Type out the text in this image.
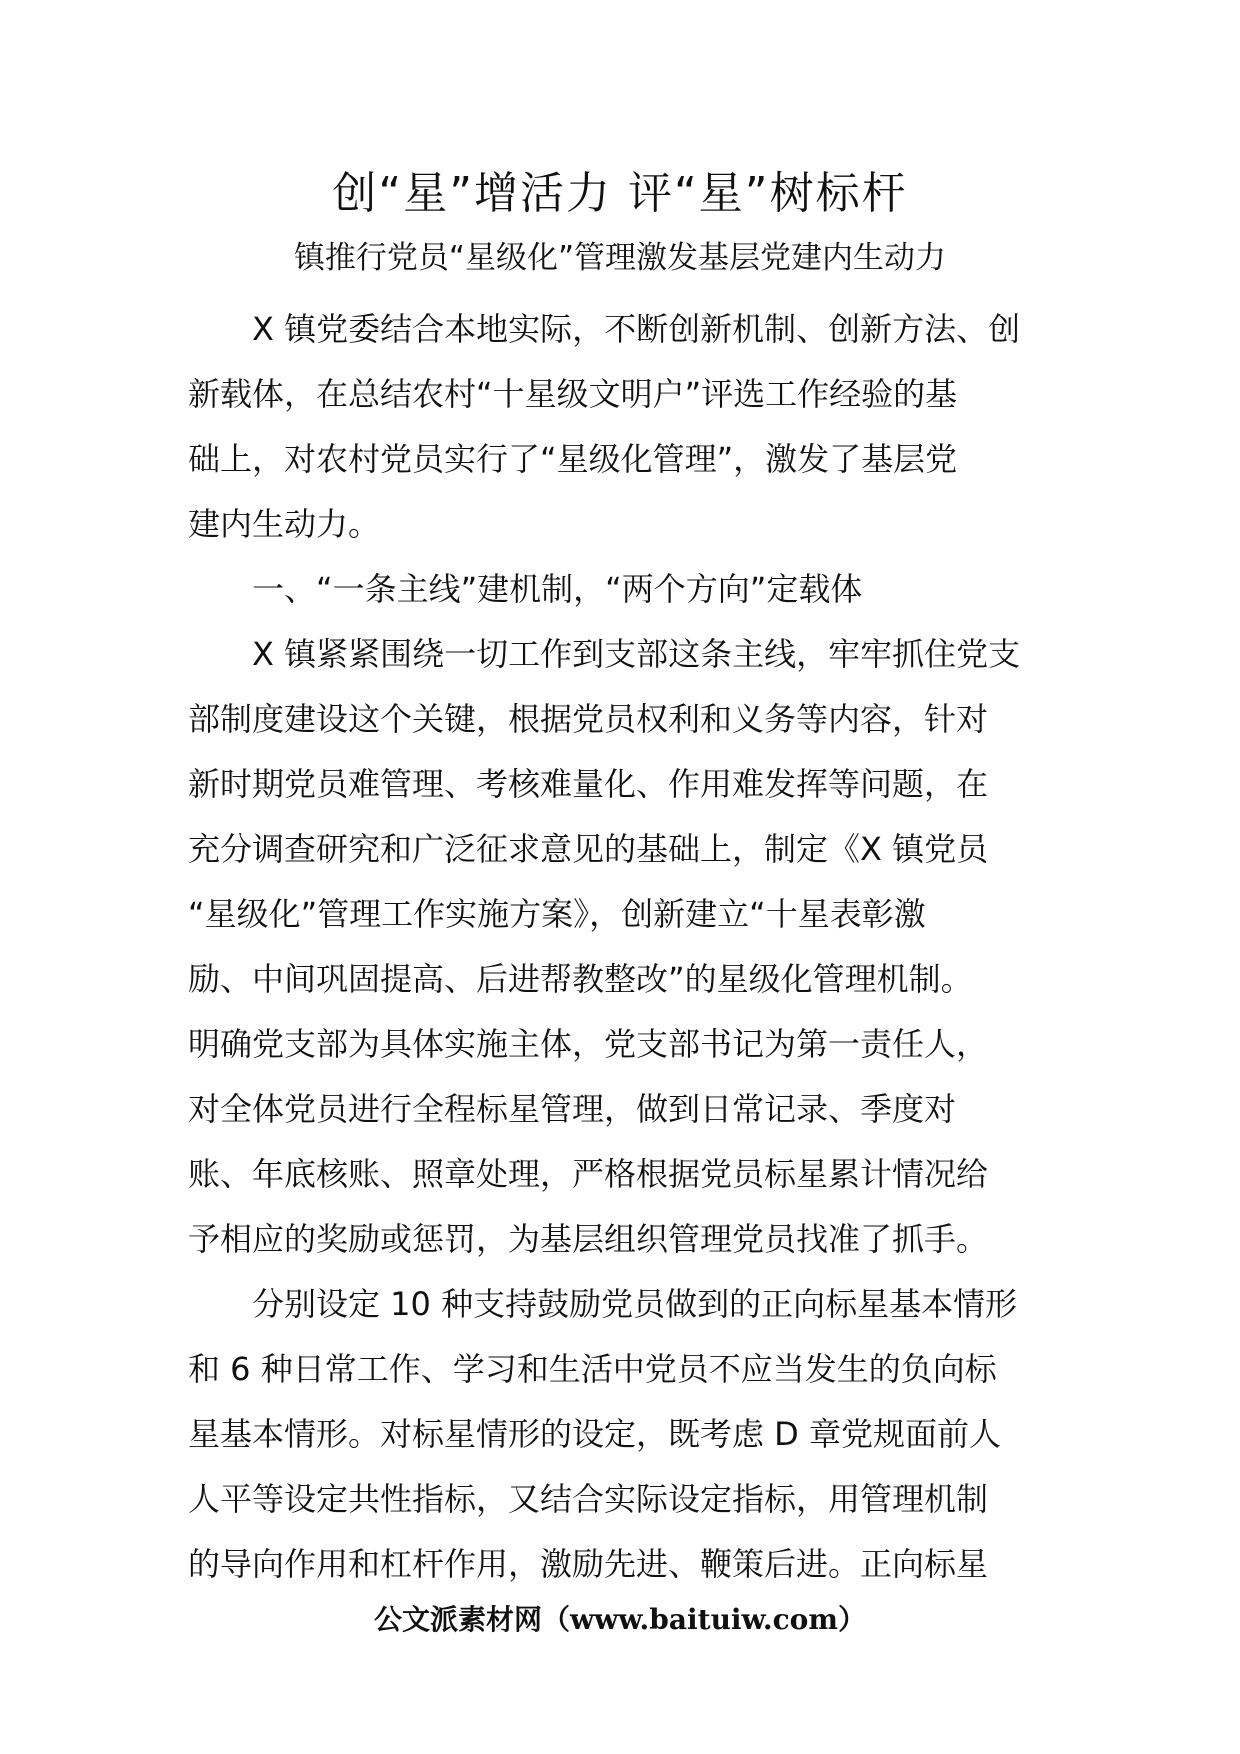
创“星”增活力 评“星”树标杆
镇推行党员“星级化”管理激发基层党建内生动力
X 镇党委结合本地实际，不断创新机制、创新方法、创
新载体，在总结农村“十星级文明户”评选工作经验的基
础上，对农村党员实行了“星级化管理”，激发了基层党
建内生动力。
一、“一条主线”建机制，“两个方向”定载体
X 镇紧紧围绕一切工作到支部这条主线，牢牢抓住党支
部制度建设这个关键，根据党员权利和义务等内容，针对
新时期党员难管理、考核难量化、作用难发挥等问题，在
充分调查研究和广泛征求意见的基础上，制定《X 镇党员
“星级化”管理工作实施方案》，创新建立“十星表彰激
励、中间巩固提高、后进帮教整改”的星级化管理机制。
明确党支部为具体实施主体，党支部书记为第一责任人，
对全体党员进行全程标星管理，做到日常记录、季度对
账、年底核账、照章处理，严格根据党员标星累计情况给
予相应的奖励或惩罚，为基层组织管理党员找准了抓手。
分别设定 10 种支持鼓励党员做到的正向标星基本情形
和 6 种日常工作、学习和生活中党员不应当发生的负向标
星基本情形。对标星情形的设定，既考虑 D 章党规面前人
人平等设定共性指标，又结合实际设定指标，用管理机制
的导向作用和杠杆作用，激励先进、鞭策后进。正向标星
公文派素材网（www.baituiw.com）
